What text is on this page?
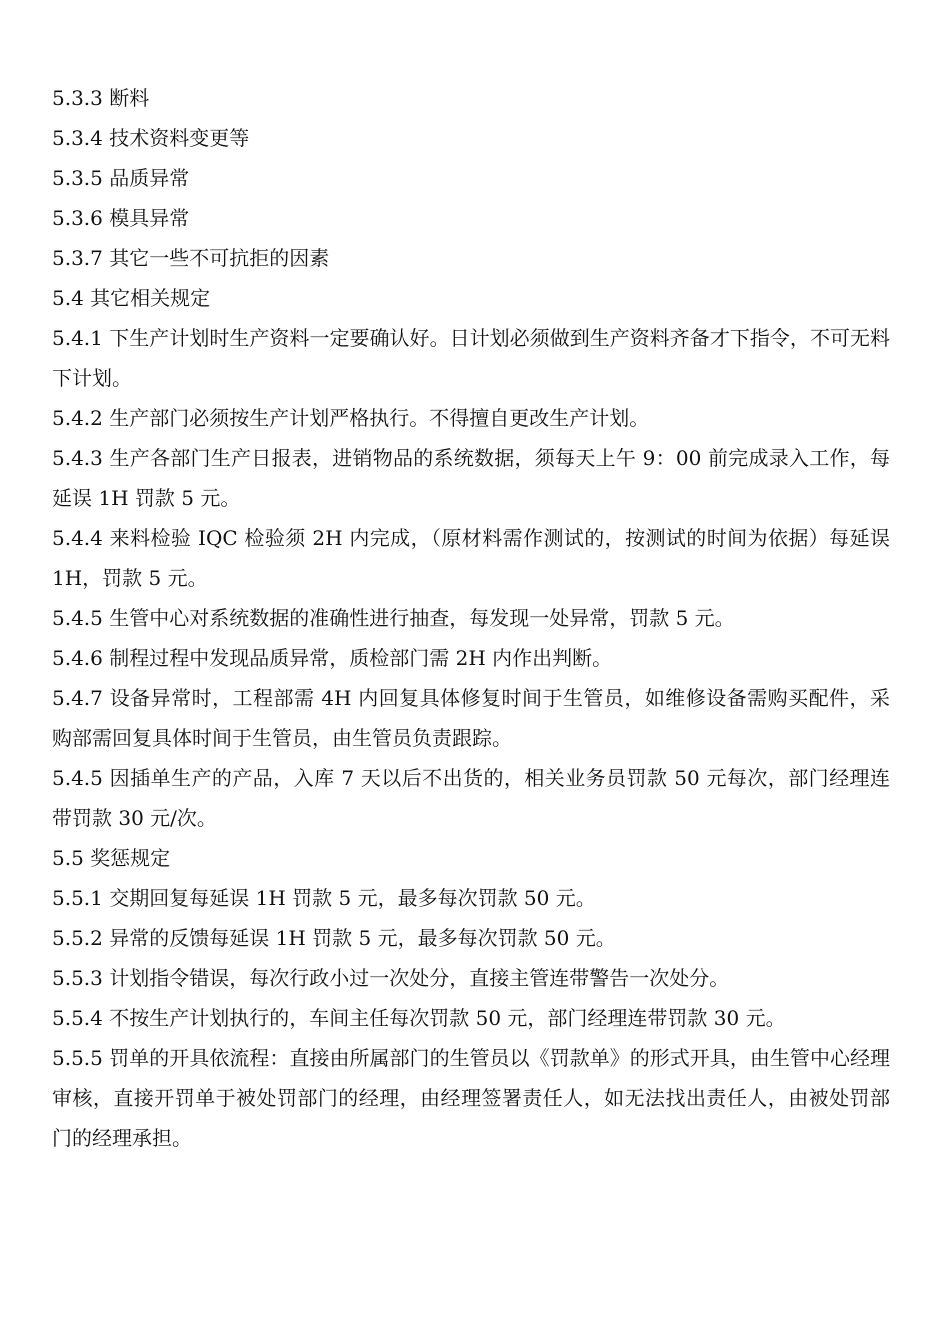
5.3.3 断料
5.3.4 技术资料变更等
5.3.5 品质异常
5.3.6 模具异常
5.3.7 其它一些不可抗拒的因素
5.4 其它相关规定
5.4.1 下生产计划时生产资料一定要确认好。日计划必须做到生产资料齐备才下指令，不可无料下计划。
5.4.2 生产部门必须按生产计划严格执行。不得擅自更改生产计划。
5.4.3 生产各部门生产日报表，进销物品的系统数据，须每天上午 9：00 前完成录入工作，每延误 1H 罚款 5 元。
5.4.4 来料检验 IQC 检验须 2H 内完成，（原材料需作测试的，按测试的时间为依据）每延误 1H，罚款 5 元。
5.4.5 生管中心对系统数据的准确性进行抽查，每发现一处异常，罚款 5 元。
5.4.6 制程过程中发现品质异常，质检部门需 2H 内作出判断。
5.4.7 设备异常时，工程部需 4H 内回复具体修复时间于生管员，如维修设备需购买配件，采购部需回复具体时间于生管员，由生管员负责跟踪。
5.4.5 因插单生产的产品，入库 7 天以后不出货的，相关业务员罚款 50 元每次，部门经理连带罚款 30 元/次。
5.5 奖惩规定
5.5.1 交期回复每延误 1H 罚款 5 元，最多每次罚款 50 元。
5.5.2 异常的反馈每延误 1H 罚款 5 元，最多每次罚款 50 元。
5.5.3 计划指令错误，每次行政小过一次处分，直接主管连带警告一次处分。
5.5.4 不按生产计划执行的，车间主任每次罚款 50 元，部门经理连带罚款 30 元。
5.5.5 罚单的开具依流程：直接由所属部门的生管员以《罚款单》的形式开具，由生管中心经理审核，直接开罚单于被处罚部门的经理，由经理签署责任人，如无法找出责任人，由被处罚部门的经理承担。
